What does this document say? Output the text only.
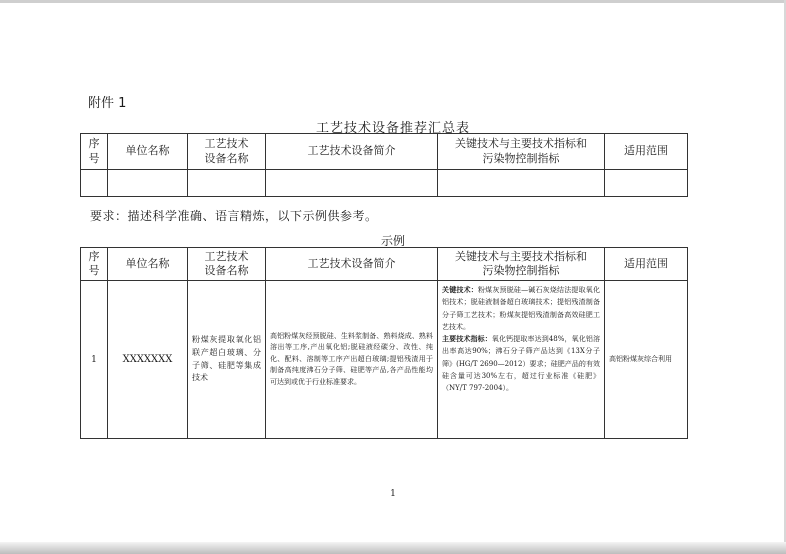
附件 1
工艺技术设备推荐汇总表
序
号	单位名称	工艺技术
设备名称	工艺技术设备简介	关键技术与主要技术指标和
污染物控制指标	适用范围

要求：描述科学准确、语言精炼，以下示例供参考。
示例
序
号	单位名称	工艺技术
设备名称	工艺技术设备简介	关键技术与主要技术指标和
污染物控制指标	适用范围
1	XXXXXXX	粉煤灰提取氧化铝联产超白玻璃、分子筛、硅肥等集成技术	高铝粉煤灰经预脱硅、生料浆制备、熟料烧成、熟料溶出等工序,产出氧化铝;脱硅液经碳分、改性、纯化、配料、溶制等工序产出超白玻璃;提铝残渣用于制备高纯度沸石分子筛、硅肥等产品,各产品性能均可达到或优于行业标准要求。	关键技术：粉煤灰预脱硅—碱石灰烧结法提取氧化铝技术；脱硅液制备超白玻璃技术；提铝残渣制备分子筛工艺技术；粉煤灰提铝残渣制备高效硅肥工艺技术。
主要技术指标：氧化钙提取率达到48%，氧化铝溶出率高达90%；沸石分子筛产品达到《13X分子筛》(HG/T 2690—2012）要求；硅肥产品的有效硅含量可达30%左右，超过行业标准《硅肥》（NY/T 797-2004）。	高铝粉煤灰综合利用
1
